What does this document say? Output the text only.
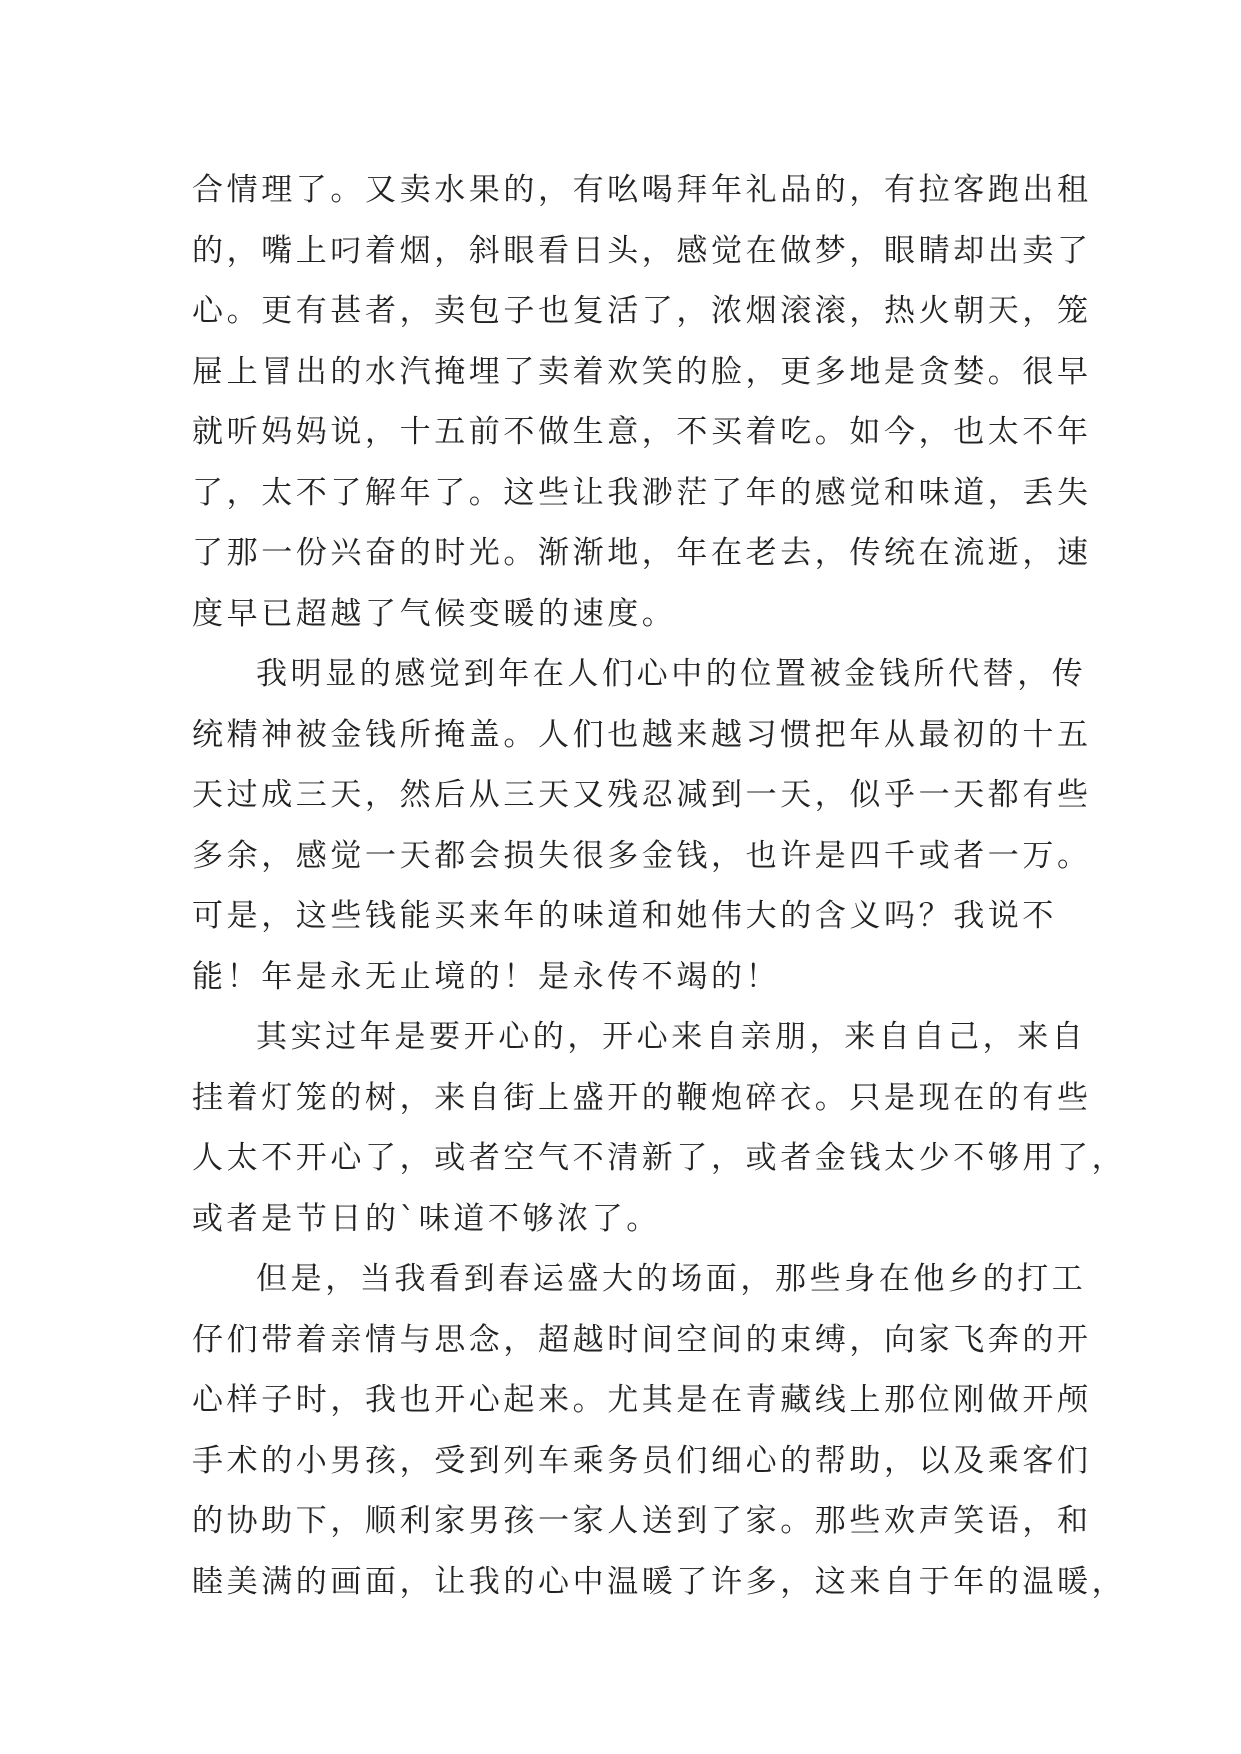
合情理了。又卖水果的，有吆喝拜年礼品的，有拉客跑出租
的，嘴上叼着烟，斜眼看日头，感觉在做梦，眼睛却出卖了
心。更有甚者，卖包子也复活了，浓烟滚滚，热火朝天，笼
屉上冒出的水汽掩埋了卖着欢笑的脸，更多地是贪婪。很早
就听妈妈说，十五前不做生意，不买着吃。如今，也太不年
了，太不了解年了。这些让我渺茫了年的感觉和味道，丢失
了那一份兴奋的时光。渐渐地，年在老去，传统在流逝，速
度早已超越了气候变暖的速度。
我明显的感觉到年在人们心中的位置被金钱所代替，传
统精神被金钱所掩盖。人们也越来越习惯把年从最初的十五
天过成三天，然后从三天又残忍减到一天，似乎一天都有些
多余，感觉一天都会损失很多金钱，也许是四千或者一万。
可是，这些钱能买来年的味道和她伟大的含义吗？我说不
能！年是永无止境的！是永传不竭的！
其实过年是要开心的，开心来自亲朋，来自自己，来自
挂着灯笼的树，来自街上盛开的鞭炮碎衣。只是现在的有些
人太不开心了，或者空气不清新了，或者金钱太少不够用了，
或者是节日的`味道不够浓了。
但是，当我看到春运盛大的场面，那些身在他乡的打工
仔们带着亲情与思念，超越时间空间的束缚，向家飞奔的开
心样子时，我也开心起来。尤其是在青藏线上那位刚做开颅
手术的小男孩，受到列车乘务员们细心的帮助，以及乘客们
的协助下，顺利家男孩一家人送到了家。那些欢声笑语，和
睦美满的画面，让我的心中温暖了许多，这来自于年的温暖，
